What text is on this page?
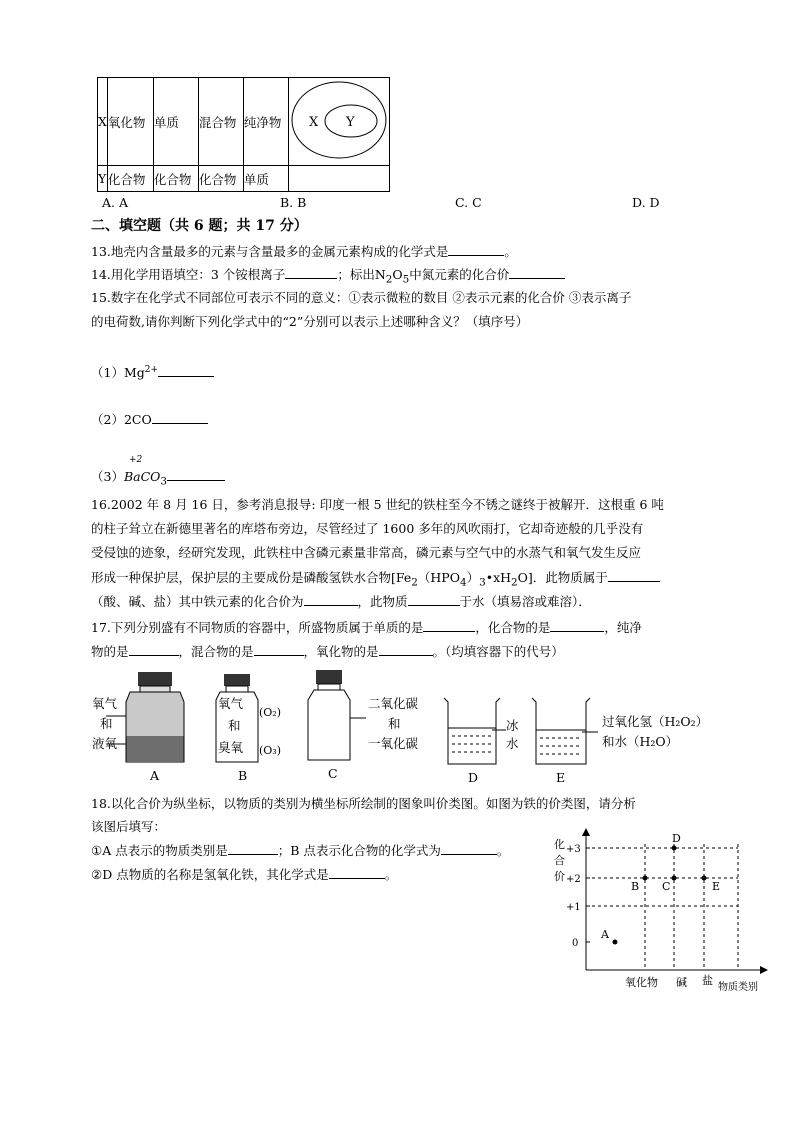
X	氧化物	单质	混合物	纯净物	X Y

Y	化合物	化合物	化合物	单质	
A. A	B. B	C. C	D. D
二、填空题（共 6 题；共 17 分）
13.地壳内含量最多的元素与含量最多的金属元素构成的化学式是	。
14.用化学用语填空：3 个铵根离子	；标出$N_2O_5$中氮元素的化合价
15.数字在化学式不同部位可表示不同的意义：①表示微粒的数目 ②表示元素的化合价 ③表示离子
的电荷数,请你判断下列化学式中的“2”分别可以表示上述哪种含义？（填序号）
$(1)Mg^{2+}$
（2）2CO
+2
（3）BaCO$_3$
16.2002 年 8 月 16 日，参考消息报导: 印度一根 5 世纪的铁柱至今不锈之谜终于被解开．这根重 6 吨
的柱子耸立在新德里著名的库塔布旁边，尽管经过了 1600 多年的风吹雨打，它却奇迹般的几乎没有
受侵蚀的迹象，经研究发现，此铁柱中含磷元素量非常高，磷元素与空气中的水蒸气和氧气发生反应
形成一种保护层，保护层的主要成份是磷酸氢铁水合物$[Fe_2(HPO_4)_3•xH_2O]$．此物质属于
（酸、碱、盐）其中铁元素的化合价为	，此物质	于水（填易溶或难溶）．
17.下列分别盛有不同物质的容器中，所盛物质属于单质的是	，化合物的是	，纯净
物的是	，混合物的是	，氧化物的是	。（均填容器下的代号）
氧气
和
液氧
A
氧气
和
臭氧
(O₂)
(O₃)
B
二氧化碳
和
一氧化碳
C
冰
水
D
过氧化氢（H₂O₂）
和水（H₂O）
E
18.以化合价为纵坐标，以物质的类别为横坐标所绘制的图象叫价类图。如图为铁的价类图，请分析
该图后填写：
①A 点表示的物质类别是	；B 点表示化合物的化学式为	。
②D 点物质的名称是氢氧化铁，其化学式是	。
化
合
价
+3
+2
+1
0
氧化物 碱 盐
物质类别
A
B C
D
E
